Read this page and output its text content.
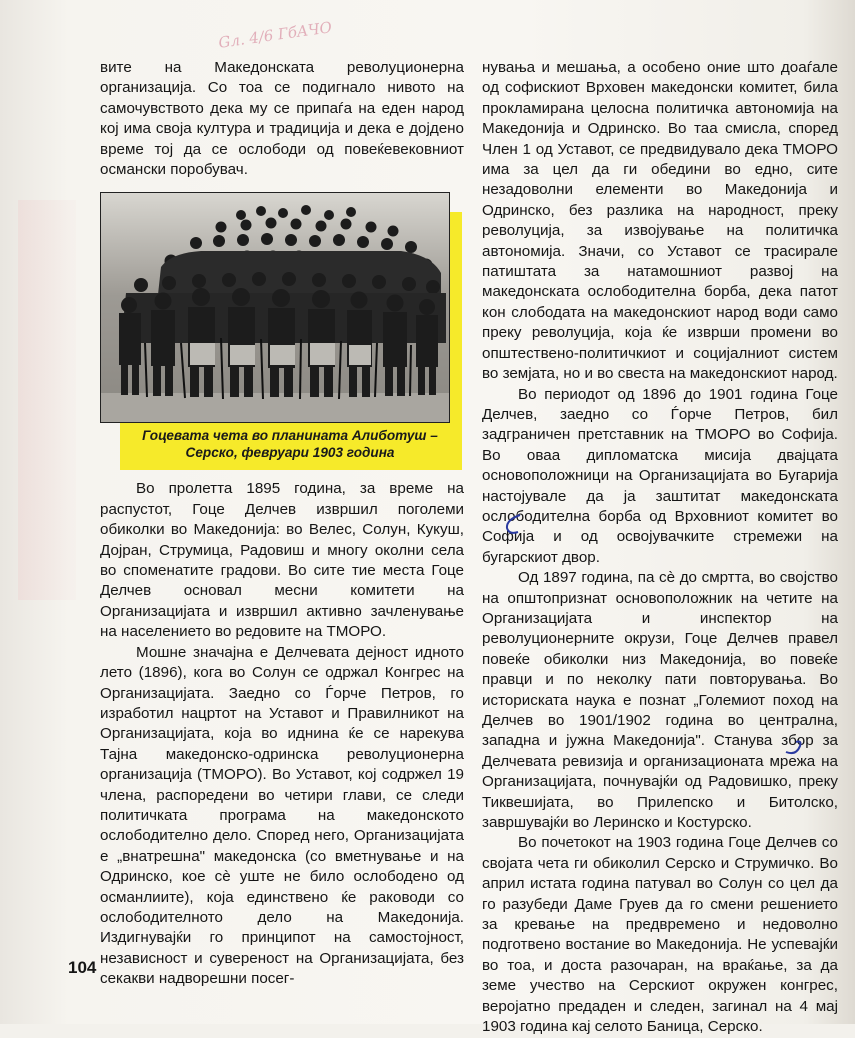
Gл. 4/6 ГбАЧО

вите на Македонската револуционерна организација. Со тоа се подигнало нивото на самочувството дека му се припаѓа на еден народ кој има своја култура и традиција и дека е дојдено време тој да се ослободи од повеќевековниот османски поробувач.

Гоцевата чета во планината Алиботуш – Серско, февруари 1903 година

Во пролетта 1895 година, за време на распустот, Гоце Делчев извршил поголеми обиколки во Македонија: во Велес, Солун, Кукуш, Дојран, Струмица, Радовиш и многу околни села во споменатите градови. Во сите тие места Гоце Делчев основал месни комитети на Организацијата и извршил активно зачленување на населението во редовите на ТМОРО.

Мошне значајна е Делчевата дејност идното лето (1896), кога во Солун се одржал Конгрес на Организацијата. Заедно со Ѓорче Петров, го изработил нацртот на Уставот и Правилникот на Организацијата, која во иднина ќе се нарекува Тајна македонско-одринска револуционерна организација (ТМОРО). Во Уставот, кој содржел 19 члена, распоредени во четири глави, се следи политичката програма на македонското ослободително дело. Според него, Организацијата е „внатрешна" македонска (со вметнување и на Одринско, кое сè уште не било ослободено од османлиите), која единствено ќе раководи со ослободителното дело на Македонија. Издигнувајќи го принципот на самостојност, независност и суверенoст на Организацијата, без секакви надворешни посег-

нувања и мешања, а особено оние што доаѓале од софискиот Врховен македонски комитет, била прокламирана целосна политичка автономија на Македонија и Одринско. Во таа смисла, според Член 1 од Уставот, се предвидувало дека ТМОРО има за цел да ги обедини во едно, сите незадоволни елементи во Македонија и Одринско, без разлика на народност, преку револуција, за извојување на политичка автономија. Значи, со Уставот се трасирале патиштата за натамошниот развој на македонската ослободителна борба, дека патот кон слободата на македонскиот народ води само преку револуција, која ќе изврши промени во општествено-политичкиот и социјалниот систем во земјата, но и во свеста на македонскиот народ.

Во периодот од 1896 до 1901 година Гоце Делчев, заедно со Ѓорче Петров, бил задграничен претставник на ТМОРО во Софија. Во оваа дипломатска мисија двајцата основоположници на Организацијата во Бугарија настојувале да ја заштитат македонската ослободителна борба од Врховниот комитет во Софија и од освојувачките стремежи на бугарскиот двор.

Од 1897 година, па сè до смртта, во својство на општопризнат основоположник на четите на Организацијата и инспектор на револуционерните окрузи, Гоце Делчев правел повеќе обиколки низ Македонија, во повеќе правци и по неколку пати повторувања. Во историската наука е познат „Големиот поход на Делчев во 1901/1902 година во централна, западна и јужна Македонија". Станува збор за Делчевата ревизија и организационата мрежа на Организацијата, почнувајќи од Радовишко, преку Тиквешијата, во Прилепско и Битолско, завршувајќи во Леринско и Костурско.

Во почетокот на 1903 година Гоце Делчев со својата чета ги обиколил Серско и Струмичко. Во април истата година патувал во Солун со цел да го разубеди Даме Груев да го смени решението за кревање на предвремено и недоволно подготвено востание во Македонија. Не успевајќи во тоа, и доста разочаран, на враќање, за да земе учество на Серскиот окружен конгрес, веројатно предаден и следен, загинал на 4 мај 1903 година кај селото Баница, Серско.

104
